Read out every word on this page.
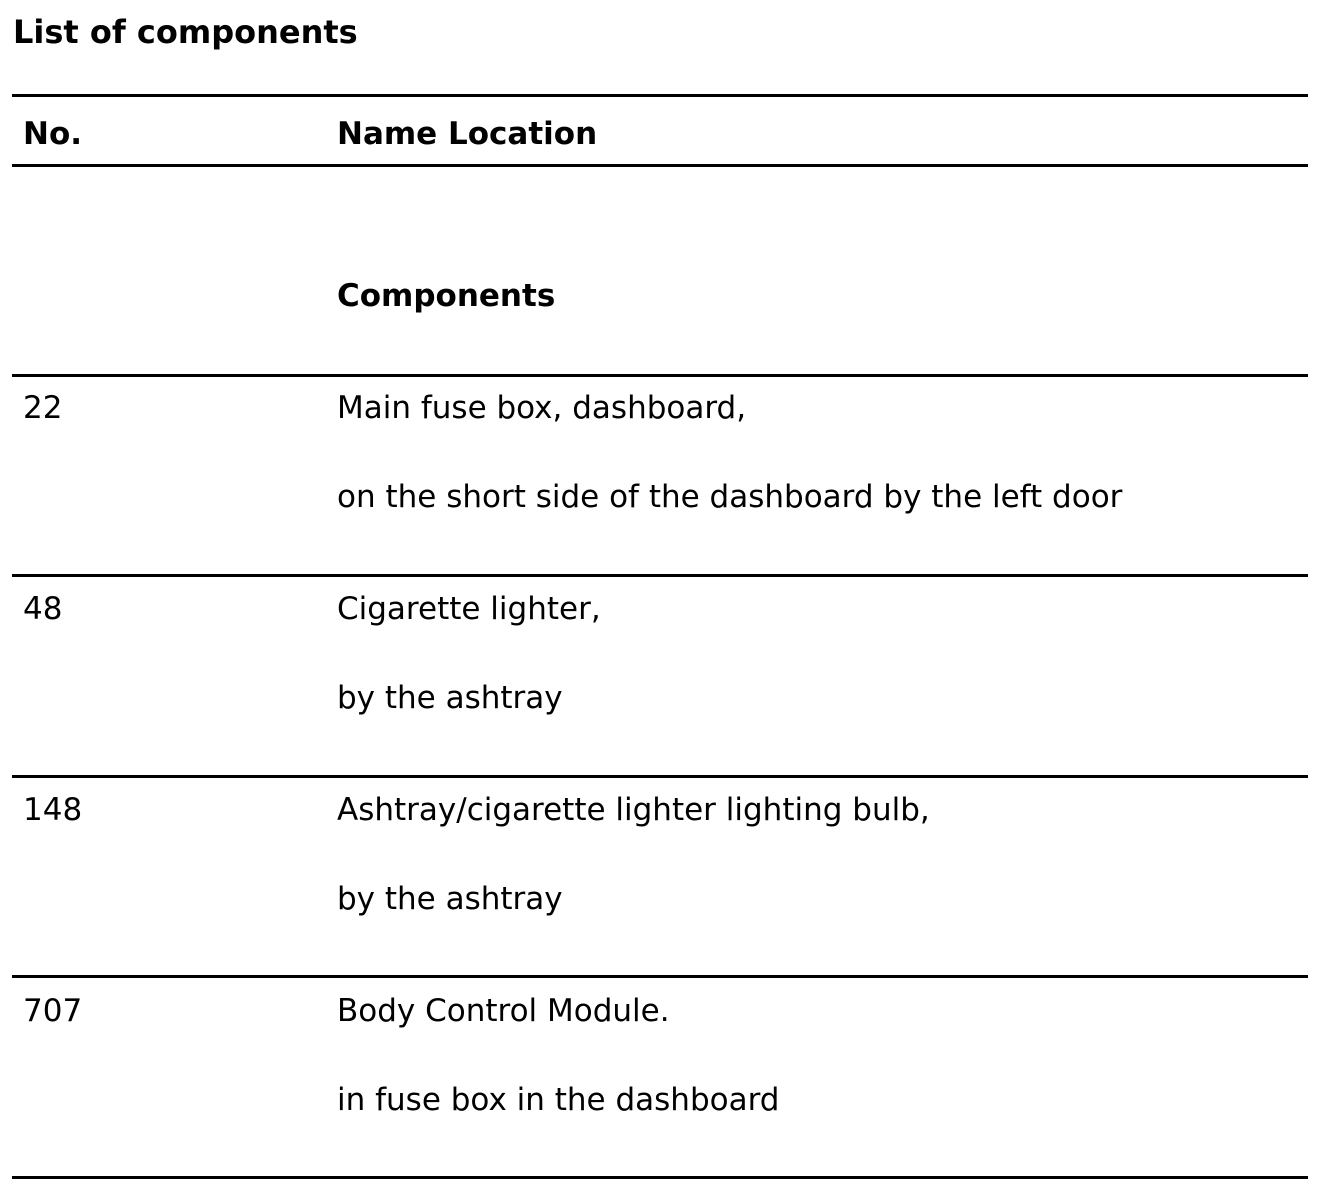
List of components
No.	Name Location
Components
22	Main fuse box, dashboard,
on the short side of the dashboard by the left door
48	Cigarette lighter,
by the ashtray
148	Ashtray/cigarette lighter lighting bulb,
by the ashtray
707	Body Control Module.
in fuse box in the dashboard
